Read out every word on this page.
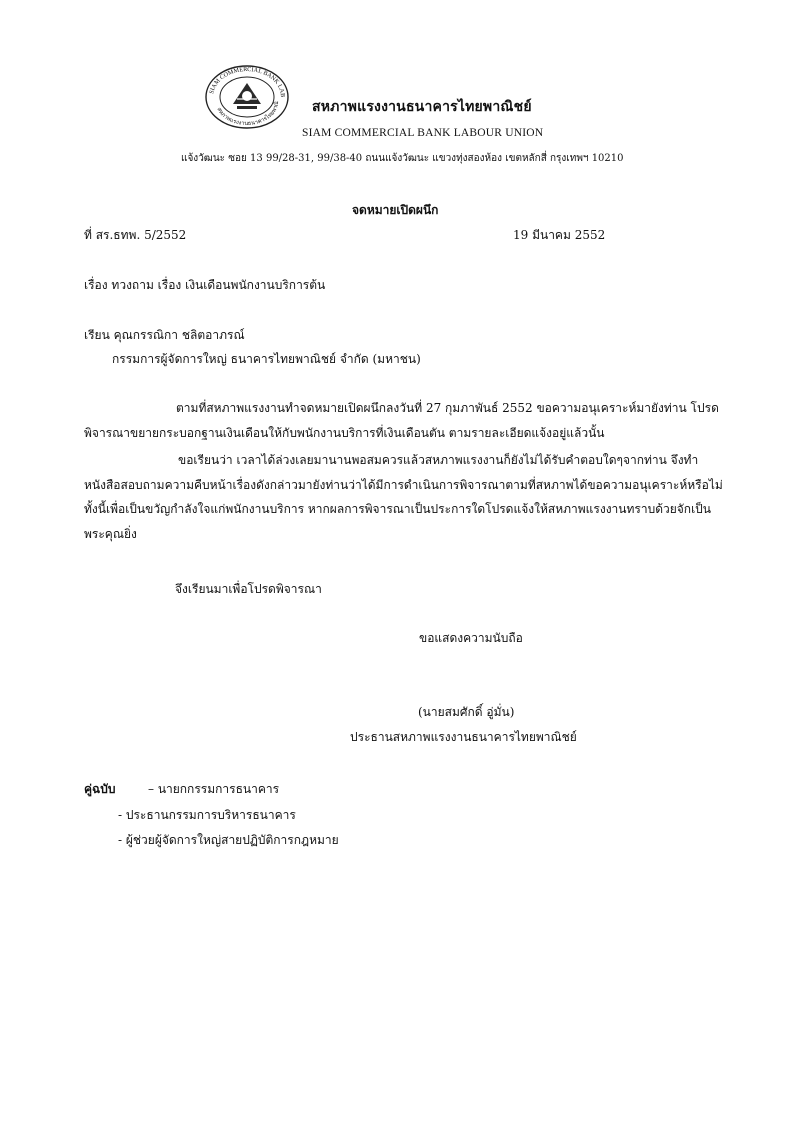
SIAM COMMERCIAL BANK LAB
สหภาพแรงงานธนาคารไทยพาณิ สหภาพแรงงานธนาคารไทยพาณิชย์
SIAM COMMERCIAL BANK LABOUR UNION
แจ้งวัฒนะ ซอย 13 99/28-31, 99/38-40 ถนนแจ้งวัฒนะ แขวงทุ่งสองห้อง เขตหลักสี่ กรุงเทพฯ 10210
จดหมายเปิดผนึก
ที่ สร.ธทพ. 5/2552	19 มีนาคม 2552
เรื่อง ทวงถาม เรื่อง เงินเดือนพนักงานบริการต้น
เรียน คุณกรรณิกา ชลิตอาภรณ์
กรรมการผู้จัดการใหญ่ ธนาคารไทยพาณิชย์ จำกัด (มหาชน)
ตามที่สหภาพแรงงานทำจดหมายเปิดผนึกลงวันที่ 27 กุมภาพันธ์ 2552 ขอความอนุเคราะห์มายังท่าน โปรด
พิจารณาขยายกระบอกฐานเงินเดือนให้กับพนักงานบริการที่เงินเดือนตัน ตามรายละเอียดแจ้งอยู่แล้วนั้น
ขอเรียนว่า เวลาได้ล่วงเลยมานานพอสมควรแล้วสหภาพแรงงานก็ยังไม่ได้รับคำตอบใดๆจากท่าน จึงทำ
หนังสือสอบถามความคืบหน้าเรื่องดังกล่าวมายังท่านว่าได้มีการดำเนินการพิจารณาตามที่สหภาพได้ขอความอนุเคราะห์หรือไม่
ทั้งนี้เพื่อเป็นขวัญกำลังใจแก่พนักงานบริการ หากผลการพิจารณาเป็นประการใดโปรดแจ้งให้สหภาพแรงงานทราบด้วยจักเป็น
พระคุณยิ่ง
จึงเรียนมาเพื่อโปรดพิจารณา
ขอแสดงความนับถือ
(นายสมศักดิ์ อู่มั่น)
ประธานสหภาพแรงงานธนาคารไทยพาณิชย์
คู่ฉบับ	– นายกกรรมการธนาคาร
- ประธานกรรมการบริหารธนาคาร
- ผู้ช่วยผู้จัดการใหญ่สายปฏิบัติการกฎหมาย
